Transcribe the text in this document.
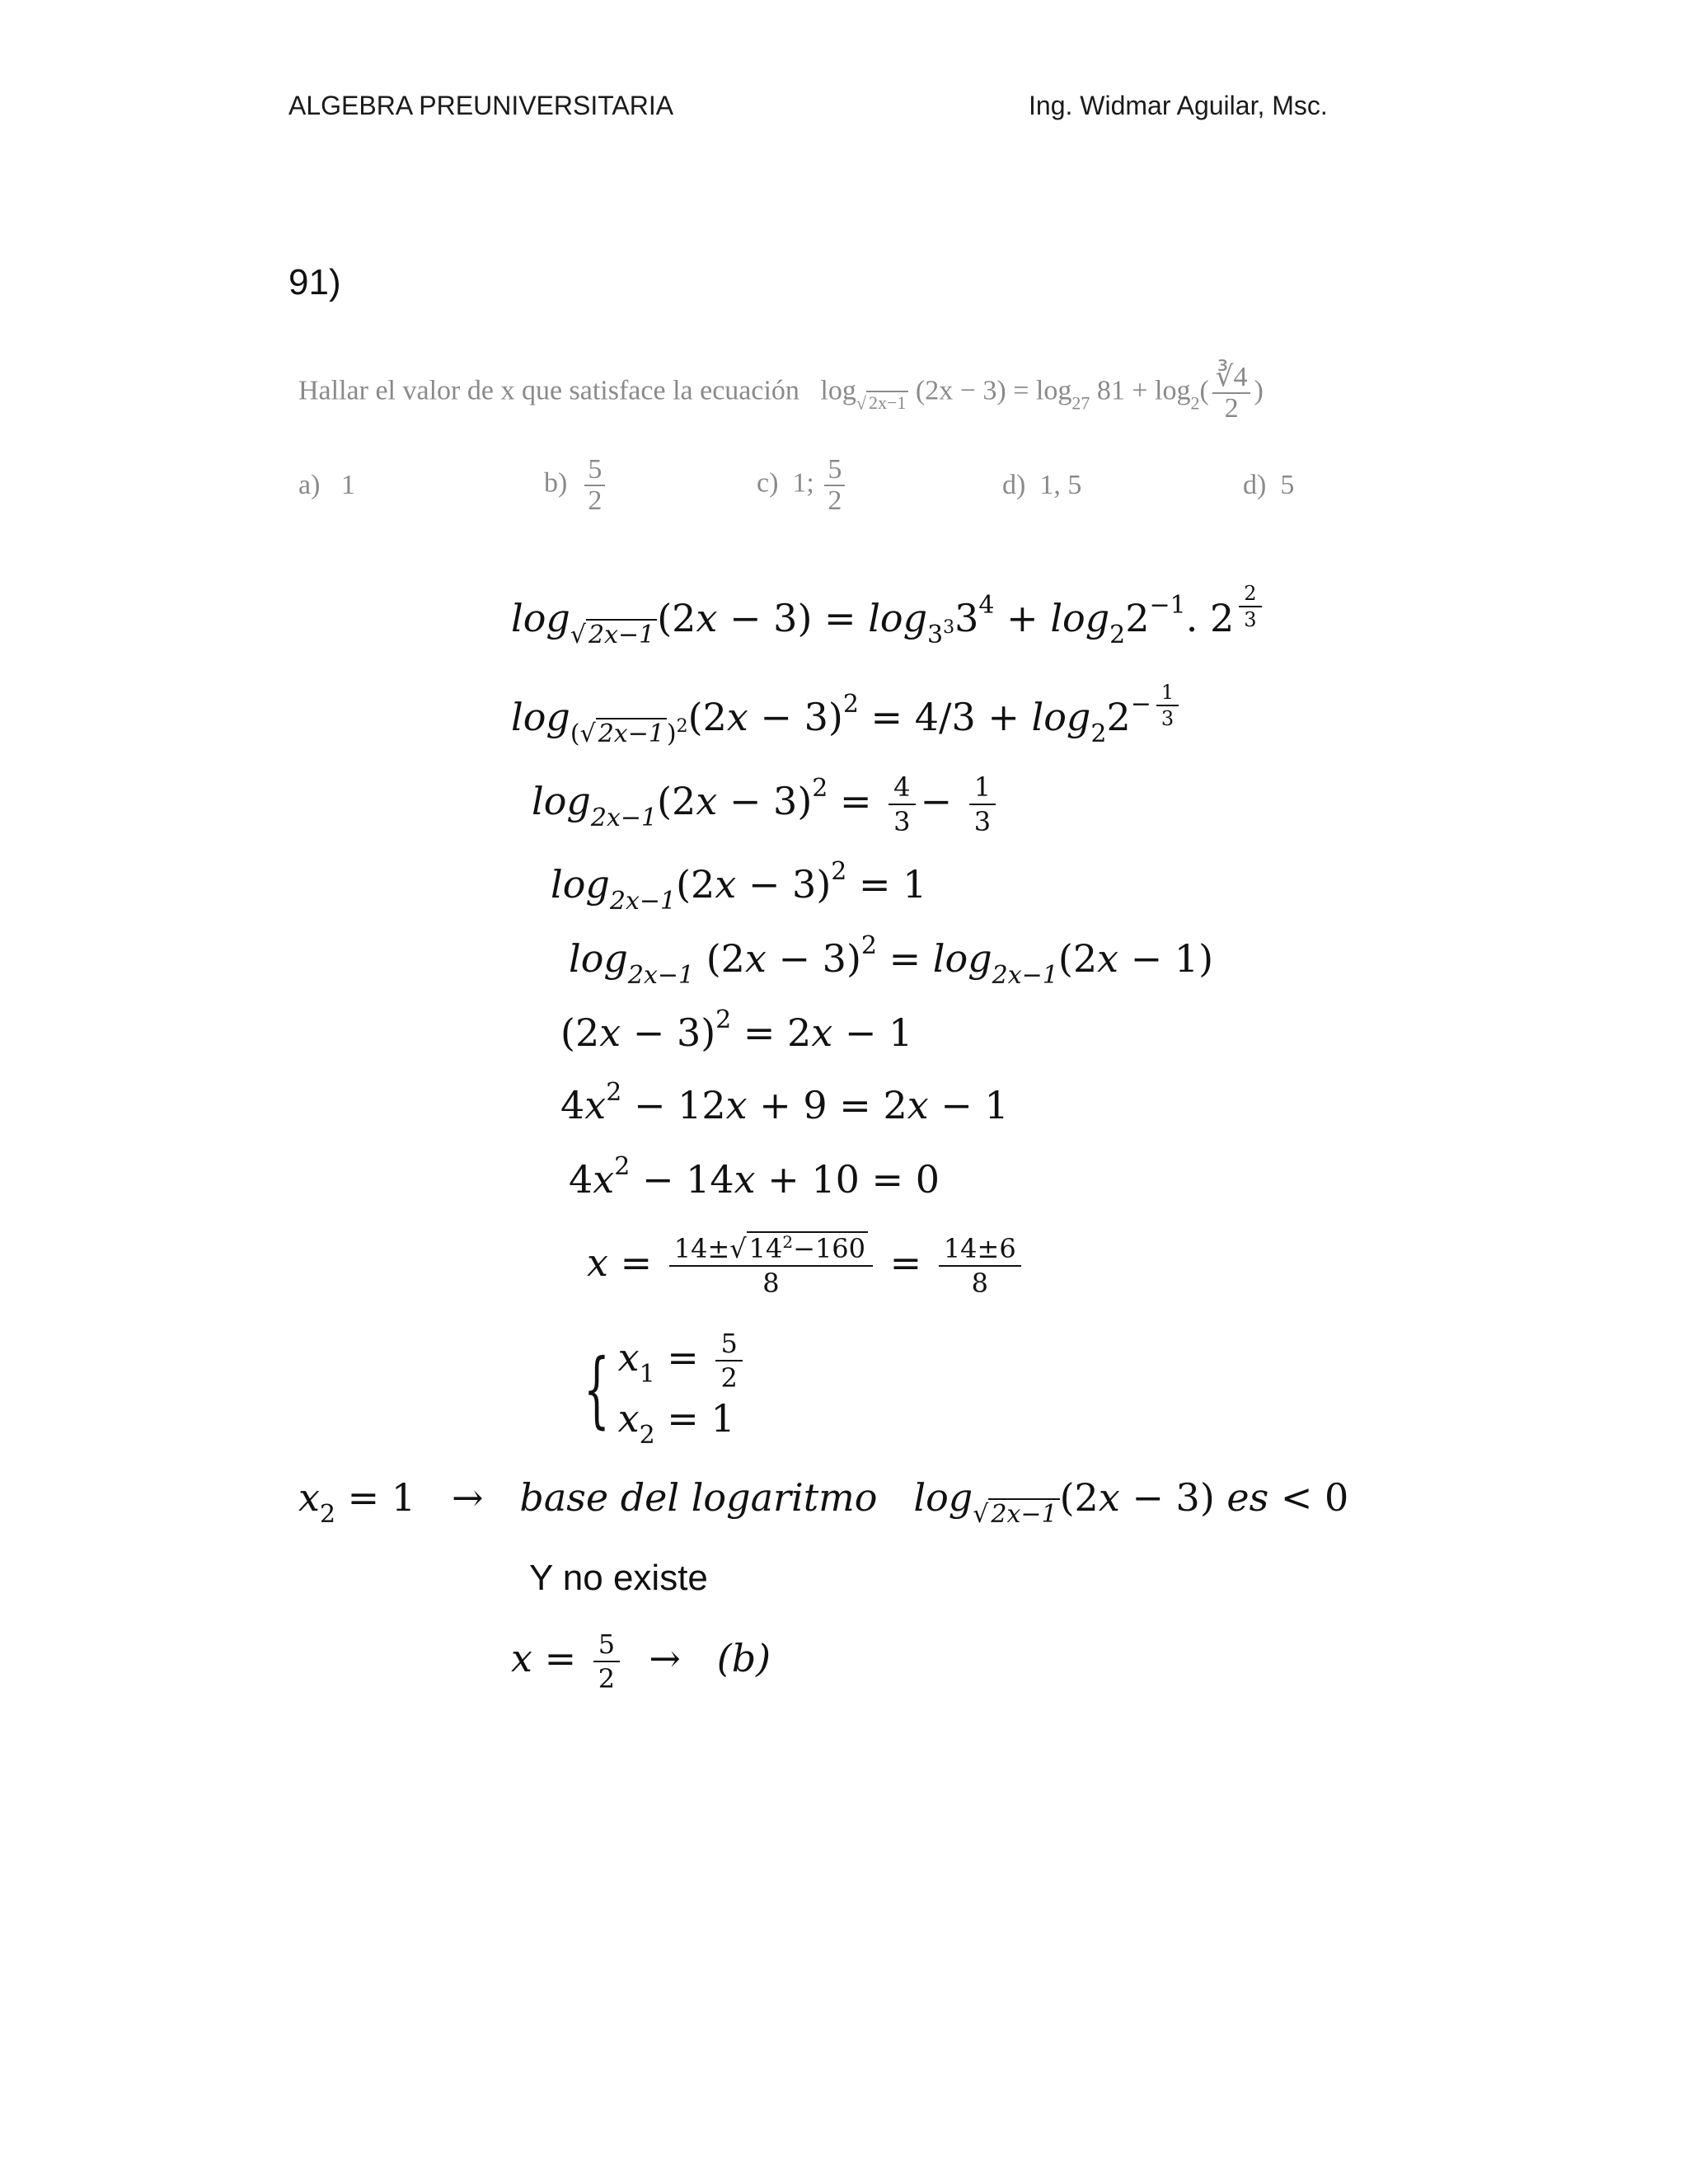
ALGEBRA PREUNIVERSITARIA	Ing. Widmar Aguilar, Msc.
91)
Hallar el valor de x que satisface la ecuación $\log_{√ 2x-1} (2x - 3) = \log_{27} 81 + \log_2( \frac{∛4}{2}$ )
a) 1	$b) \frac{5}{2}$	c) 1; $\frac{5}{2}$	d) 1, 5	d) 5
$\log_{√ 2x-1}(2x - 3) = \log_{3^3}3^4 + \log_22^{-1}$. 2 $^{\frac{2}{3}}$
$\log_{(√ 2x-1 )^2}(2x - 3)^2 = 4/3 + \log_22^{- \frac{1}{3}}$
$\log_{2x-1}(2x - 3)^2 = \frac{4}{3} - \frac{1}{3}$
$\log_{2x-1}(2x - 3)^2 = 1$
$\log_{2x-1} (2x - 3)^2 = \log_{2x-1}(2x - 1)$
$(2x - 3)^2 = 2x - 1$
$4x^2 - 12x + 9 = 2x - 1$
$4x^2 - 14x + 10 = 0$
$x = \frac{14\pm√14^2-160}{8} = \frac{14\pm 6}{8}$
{ $x_1 = \frac{5}{2}$
$x_2 = 1$
$x_2 = 1$   →   base del logaritmo $\log_{√ 2x-1}(2x - 3)$ es < 0
Y no existe
$x = \frac{5}{2} \to (b)$
